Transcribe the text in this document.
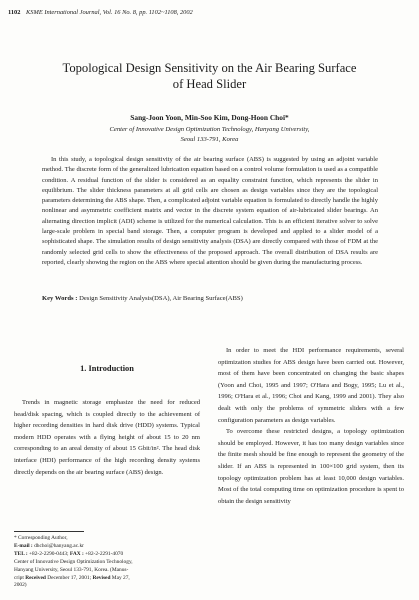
1102 KSME International Journal, Vol. 16 No. 8, pp. 1102~1108, 2002
Topological Design Sensitivity on the Air Bearing Surface
of Head Slider
Sang-Joon Yoon, Min-Soo Kim, Dong-Hoon Choi*
Center of Innovative Design Optimization Technology, Hanyang University,
Seoul 133-791, Korea

In this study, a topological design sensitivity of the air bearing surface (ABS) is suggested by using an adjoint variable method. The discrete form of the generalized lubrication equation based on a control volume formulation is used as a compatible condition. A residual function of the slider is considered as an equality constraint function, which represents the slider in equilibrium. The slider thickness parameters at all grid cells are chosen as design variables since they are the topological parameters determining the ABS shape. Then, a complicated adjoint variable equation is formulated to directly handle the highly nonlinear and asymmetric coefficient matrix and vector in the discrete system equation of air-lubricated slider bearings. An alternating direction implicit (ADI) scheme is utilized for the numerical calculation. This is an efficient iterative solver to solve large-scale problem in special band storage. Then, a computer program is developed and applied to a slider model of a sophisticated shape. The simulation results of design sensitivity analysis (DSA) are directly compared with those of FDM at the randomly selected grid cells to show the effectiveness of the proposed approach. The overall distribution of DSA results are reported, clearly showing the region on the ABS where special attention should be given during the manufacturing process.

Key Words : Design Sensitivity Analysis(DSA), Air Bearing Surface(ABS)
1. Introduction

Trends in magnetic storage emphasize the need for reduced head/disk spacing, which is coupled directly to the achievement of higher recording densities in hard disk drive (HDD) systems. Typical modern HDD operates with a flying height of about 15 to 20 nm corresponding to an areal density of about 15 Gbit/in². The head disk interface (HDI) performance of the high recording density systems directly depends on the air bearing surface (ABS) design.

* Corresponding Author,
E-mail : dhchoi@hanyang.ac.kr
TEL : +82-2-2290-0443; FAX : +82-2-2291-4070
Center of Innovative Design Optimization Technology,
Hanyang University, Seoul 133-791, Korea. (Manus-
cript Received December 17, 2001; Revised May 27,
2002)

In order to meet the HDI performance requirements, several optimization studies for ABS design have been carried out. However, most of them have been concentrated on changing the basic shapes (Yoon and Choi, 1995 and 1997; O'Hara and Bogy, 1995; Lu et al., 1996; O'Hara et al., 1996; Choi and Kang, 1999 and 2001). They also dealt with only the problems of symmetric sliders with a few configuration parameters as design variables.

To overcome these restricted designs, a topology optimization should be employed. However, it has too many design variables since the finite mesh should be fine enough to represent the geometry of the slider. If an ABS is represented in 100×100 grid system, then its topology optimization problem has at least 10,000 design variables. Most of the total computing time on optimization procedure is spent to obtain the design sensitivity
